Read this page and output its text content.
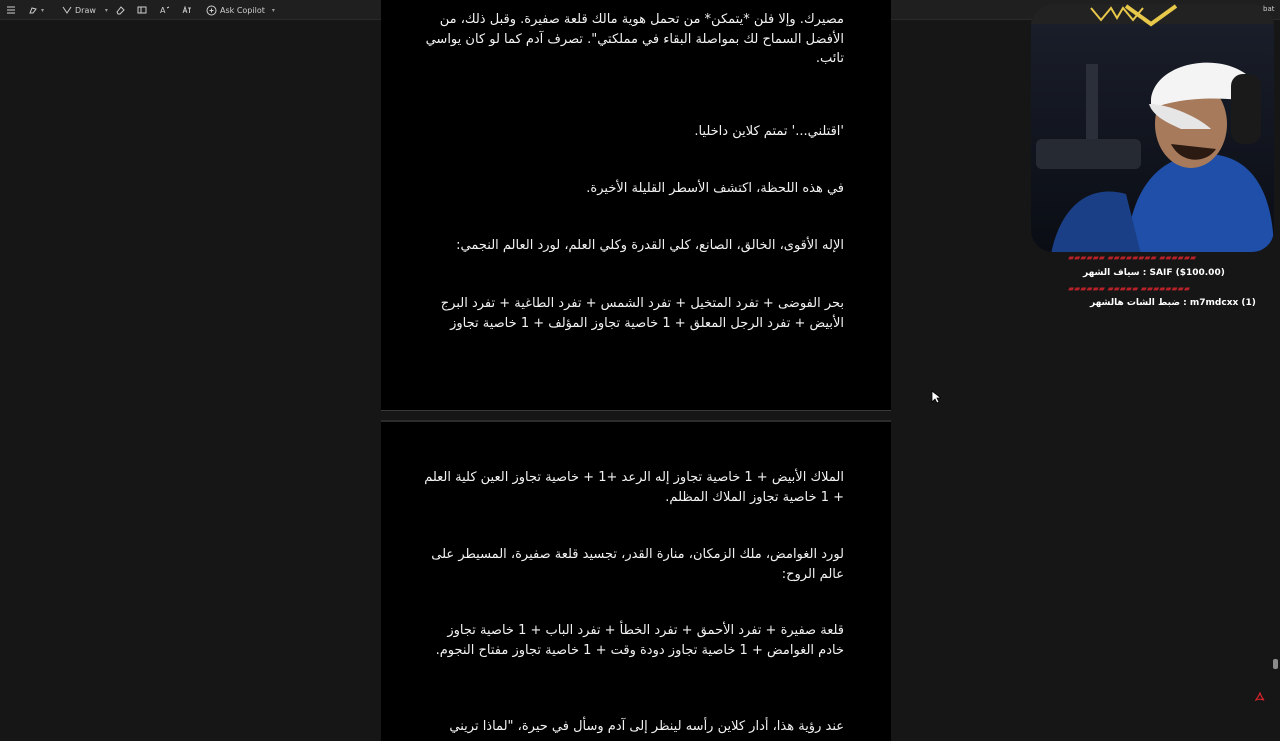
▾	Draw ▾	A	Ask Copilot ▾

مصيرك. وإلا فلن *يتمكن* من تحمل هوية مالك قلعة صفيرة. وقبل ذلك، من الأفضل السماح لك بمواصلة البقاء في مملكتي". تصرف آدم كما لو كان يواسي تائب.

'اقتلني...' تمتم كلاين داخليا.

في هذه اللحظة، اكتشف الأسطر القليلة الأخيرة.

الإله الأقوى، الخالق، الصانع، كلي القدرة وكلي العلم، لورد العالم النجمي:

بحر الفوضى + تفرد المتخيل + تفرد الشمس + تفرد الطاغية + تفرد البرج الأبيض + تفرد الرجل المعلق + 1 خاصية تجاوز المؤلف + 1 خاصية تجاوز

الملاك الأبيض + 1 خاصية تجاوز إله الرعد +1 + خاصية تجاوز العين كلية العلم + 1 خاصية تجاوز الملاك المظلم.

لورد الغوامض، ملك الزمكان، منارة القدر، تجسيد قلعة صفيرة، المسيطر على عالم الروح:

قلعة صفيرة + تفرد الأحمق + تفرد الخطأ + تفرد الباب + 1 خاصية تجاوز خادم الغوامض + 1 خاصية تجاوز دودة وقت + 1 خاصية تجاوز مفتاح النجوم.

عند رؤية هذا، أدار كلاين رأسه لينظر إلى آدم وسأل في حيرة، "لماذا تريني

▰▰▰▰▰▰ ▰▰▰▰▰▰▰▰ ▰▰▰▰▰▰
سياف الشهر : SAIF ($100.00)
▰▰▰▰▰▰ ▰▰▰▰▰ ▰▰▰▰▰▰▰▰
ضبط الشات هالشهر : m7mdcxx (1)
bat
